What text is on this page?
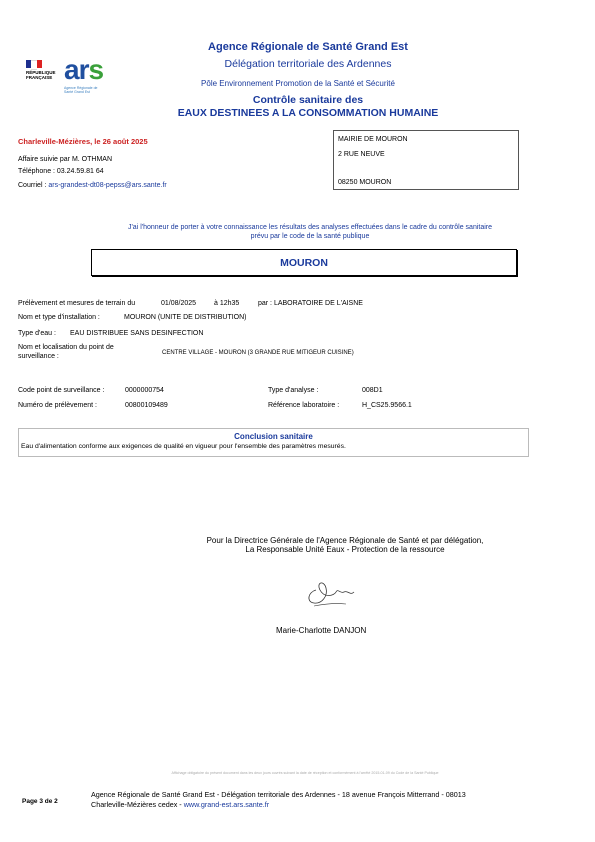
RÉPUBLIQUE FRANÇAISE ars
Agence Régionale de Santé Grand Est
Agence Régionale de Santé Grand Est
Délégation territoriale des Ardennes
Pôle Environnement Promotion de la Santé et Sécurité
Contrôle sanitaire des
EAUX DESTINEES A LA CONSOMMATION HUMAINE
Charleville-Mézières, le 26 août 2025
Affaire suivie par M. OTHMAN
Téléphone : 03.24.59.81 64
Courriel : ars-grandest-dt08-pepss@ars.sante.fr
MAIRIE DE MOURON
2 RUE NEUVE
08250 MOURON
J'ai l'honneur de porter à votre connaissance les résultats des analyses effectuées dans le cadre du contrôle sanitaire
prévu par le code de la santé publique
MOURON
Prélèvement et mesures de terrain du	01/08/2025	à 12h35	par : LABORATOIRE DE L'AISNE
Nom et type d'installation :	MOURON (UNITE DE DISTRIBUTION)
Type d'eau : EAU DISTRIBUEE SANS DESINFECTION
Nom et localisation du point de
surveillance :	CENTRE VILLAGE - MOURON (3 GRANDE RUE MITIGEUR CUISINE)
Code point de surveillance :	0000000754	Type d'analyse :	008D1
Numéro de prélèvement :	00800109489	Référence laboratoire :	H_CS25.9566.1
Conclusion sanitaire
Eau d'alimentation conforme aux exigences de qualité en vigueur pour l'ensemble des paramètres mesurés.
Pour la Directrice Générale de l'Agence Régionale de Santé et par délégation,
La Responsable Unité Eaux - Protection de la ressource
Marie-Charlotte DANJON
Affichage obligatoire du présent document dans les deux jours ouvrés suivant la date de réception et conformément à l'arrêté 2015-01-09 du Code de la Santé Publique
Page 3 de 2
Agence Régionale de Santé Grand Est - Délégation territoriale des Ardennes - 18 avenue François Mitterrand - 08013
Charleville-Mézières cedex - www.grand-est.ars.sante.fr
